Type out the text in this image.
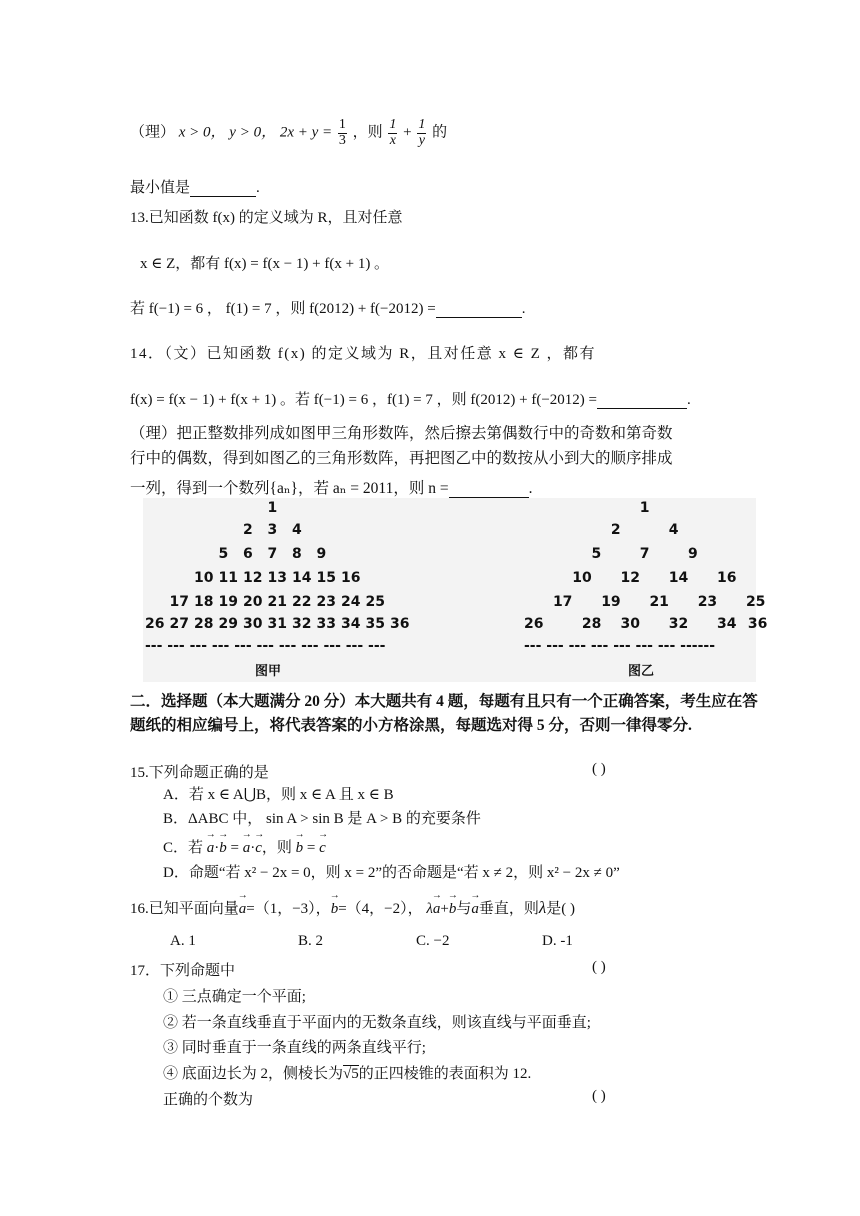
（理） x > 0， y > 0， $2x + y = \frac{1}{3}$ ，则 $\frac{1}{x} + \frac{1}{y}$ 的
最小值是	.
13.已知函数 f(x) 的定义域为 R，且对任意
x ∈ Z，都有 f(x) = f(x − 1) + f(x + 1) 。
若 f(−1) = 6 ， f(1) = 7 ，则 f(2012) + f(−2012) =	.
14．（文）已知函数 f(x) 的定义域为 R，且对任意 x ∈ Z ，都有
f(x) = f(x − 1) + f(x + 1) 。若 f(−1) = 6 ，f(1) = 7 ，则 f(2012) + f(−2012) =	.
（理）把正整数排列成如图甲三角形数阵，然后擦去第偶数行中的奇数和第奇数
行中的偶数，得到如图乙的三角形数阵，再把图乙中的数按从小到大的顺序排成
一列，得到一个数列{aₙ}，若 aₙ = 2011，则 n =	.
1
2 3 4
5 6 7 8 9
10 11 12 13 14 15 16
17 18 19 20 21 22 23 24 25
26 27 28 29 30 31 32 33 34 35 36
--- --- --- --- --- --- --- --- --- --- ---
图甲
1
2	4
5	7	9
10 12 14 16
17 19 21 23 25
26	28 30 32 34 36
--- --- --- --- --- --- --- ------
图乙
二．选择题（本大题满分 20 分）本大题共有 4 题，每题有且只有一个正确答案，考生应在答题纸的相应编号上，将代表答案的小方格涂黑，每题选对得 5 分，否则一律得零分.
15.下列命题正确的是	( )
A．若 x ∈ A⋃B，则 x ∈ A 且 x ∈ B
B．ΔABC 中， sin A > sin B 是 A > B 的充要条件
C．若 → a·→ b = → a·→ c，则 → b = → c
D．命题“若 x² − 2x = 0，则 x = 2”的否命题是“若 x ≠ 2，则 x² − 2x ≠ 0”
16.已知平面向量→ a=（1，−3），→ b=（4，−2）， λ→ a+→ b与→ a垂直，则λ是( )
A. 1	B. 2	C. −2	D. -1
17．下列命题中	( )
① 三点确定一个平面;
② 若一条直线垂直于平面内的无数条直线，则该直线与平面垂直;
③ 同时垂直于一条直线的两条直线平行;
④ 底面边长为 2，侧棱长为√5的正四棱锥的表面积为 12.
正确的个数为	( )
